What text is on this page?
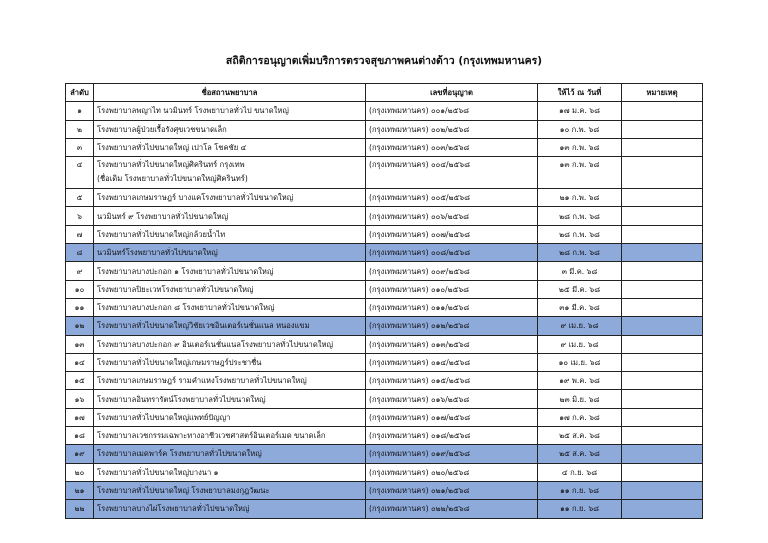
สถิติการอนุญาตเพิ่มบริการตรวจสุขภาพคนต่างด้าว (กรุงเทพมหานคร)
ลำดับ	ชื่อสถานพยาบาล	เลขที่อนุญาต	ให้ไว้ ณ วันที่	หมายเหตุ
๑	โรงพยาบาลพญาไท นวมินทร์ โรงพยาบาลทั่วไป ขนาดใหญ่	(กรุงเทพมหานคร) ๐๐๑/๒๕๖๘	๑๗ ม.ค. ๖๘	
๒	โรงพยาบาลผู้ป่วยเรื้อรังศุขเวชขนาดเล็ก	(กรุงเทพมหานคร) ๐๐๒/๒๕๖๘	๑๐ ก.พ. ๖๘	
๓	โรงพยาบาลทั่วไปขนาดใหญ่ เปาโล โชคชัย ๔	(กรุงเทพมหานคร) ๐๐๓/๒๕๖๘	๑๓ ก.พ. ๖๘	
๔	โรงพยาบาลทั่วไปขนาดใหญ่ศิครินทร์ กรุงเทพ
(ชื่อเดิม โรงพยาบาลทั่วไปขนาดใหญ่ศิครินทร์)	(กรุงเทพมหานคร) ๐๐๔/๒๕๖๘	๑๓ ก.พ. ๖๘	
๕	โรงพยาบาลเกษมราษฎร์ บางแคโรงพยาบาลทั่วไปขนาดใหญ่	(กรุงเทพมหานคร) ๐๐๕/๒๕๖๘	๒๑ ก.พ. ๖๘	
๖	นวมินทร์ ๙ โรงพยาบาลทั่วไปขนาดใหญ่	(กรุงเทพมหานคร) ๐๐๖/๒๕๖๘	๒๘ ก.พ. ๖๘	
๗	โรงพยาบาลทั่วไปขนาดใหญ่กล้วยน้ำไท	(กรุงเทพมหานคร) ๐๐๗/๒๕๖๘	๒๘ ก.พ. ๖๘	
๘	นวมินทร์โรงพยาบาลทั่วไปขนาดใหญ่	(กรุงเทพมหานคร) ๐๐๘/๒๕๖๘	๒๘ ก.พ. ๖๘	
๙	โรงพยาบาลบางปะกอก ๑ โรงพยาบาลทั่วไปขนาดใหญ่	(กรุงเทพมหานคร) ๐๐๙/๒๕๖๘	๓ มี.ค. ๖๘	
๑๐	โรงพยาบาลปิยะเวทโรงพยาบาลทั่วไปขนาดใหญ่	(กรุงเทพมหานคร) ๐๑๐/๒๕๖๘	๒๕ มี.ค. ๖๘	
๑๑	โรงพยาบาลบางปะกอก ๘ โรงพยาบาลทั่วไปขนาดใหญ่	(กรุงเทพมหานคร) ๐๑๑/๒๕๖๘	๓๑ มี.ค. ๖๘	
๑๒	โรงพยาบาลทั่วไปขนาดใหญ่วิชัยเวชอินเตอร์เนชั่นแนล หนองแขม	(กรุงเทพมหานคร) ๐๑๒/๒๕๖๘	๙ เม.ย. ๖๘	
๑๓	โรงพยาบาลบางปะกอก ๙ อินเตอร์เนชั่นแนลโรงพยาบาลทั่วไปขนาดใหญ่	(กรุงเทพมหานคร) ๐๑๓/๒๕๖๘	๙ เม.ย. ๖๘	
๑๔	โรงพยาบาลทั่วไปขนาดใหญ่เกษมราษฎร์ประชาชื่น	(กรุงเทพมหานคร) ๐๑๔/๒๕๖๘	๑๐ เม.ย. ๖๘	
๑๕	โรงพยาบาลเกษมราษฎร์ รามคำแหงโรงพยาบาลทั่วไปขนาดใหญ่	(กรุงเทพมหานคร) ๐๑๕/๒๕๖๘	๑๙ พ.ค. ๖๘	
๑๖	โรงพยาบาลอินทรารัตน์โรงพยาบาลทั่วไปขนาดใหญ่	(กรุงเทพมหานคร) ๐๑๖/๒๕๖๘	๒๓ มิ.ย. ๖๘	
๑๗	โรงพยาบาลทั่วไปขนาดใหญ่แพทย์ปัญญา	(กรุงเทพมหานคร) ๐๑๗/๒๕๖๘	๑๗ ก.ค. ๖๘	
๑๘	โรงพยาบาลเวชกรรมเฉพาะทางอาชีวเวชศาสตร์อินเตอร์เมด ขนาดเล็ก	(กรุงเทพมหานคร) ๐๑๘/๒๕๖๘	๒๕ ส.ค. ๖๘	
๑๙	โรงพยาบาลเมดพาร์ค โรงพยาบาลทั่วไปขนาดใหญ่	(กรุงเทพมหานคร) ๐๑๙/๒๕๖๘	๒๕ ส.ค. ๖๘	
๒๐	โรงพยาบาลทั่วไปขนาดใหญ่บางนา ๑	(กรุงเทพมหานคร) ๐๒๐/๒๕๖๘	๔ ก.ย. ๖๘	
๒๑	โรงพยาบาลทั่วไปขนาดใหญ่ โรงพยาบาลมงกุฎวัฒนะ	(กรุงเทพมหานคร) ๐๒๑/๒๕๖๘	๑๑ ก.ย. ๖๘	
๒๒	โรงพยาบาลบางไผ่โรงพยาบาลทั่วไปขนาดใหญ่	(กรุงเทพมหานคร) ๐๒๒/๒๕๖๘	๑๑ ก.ย. ๖๘	
